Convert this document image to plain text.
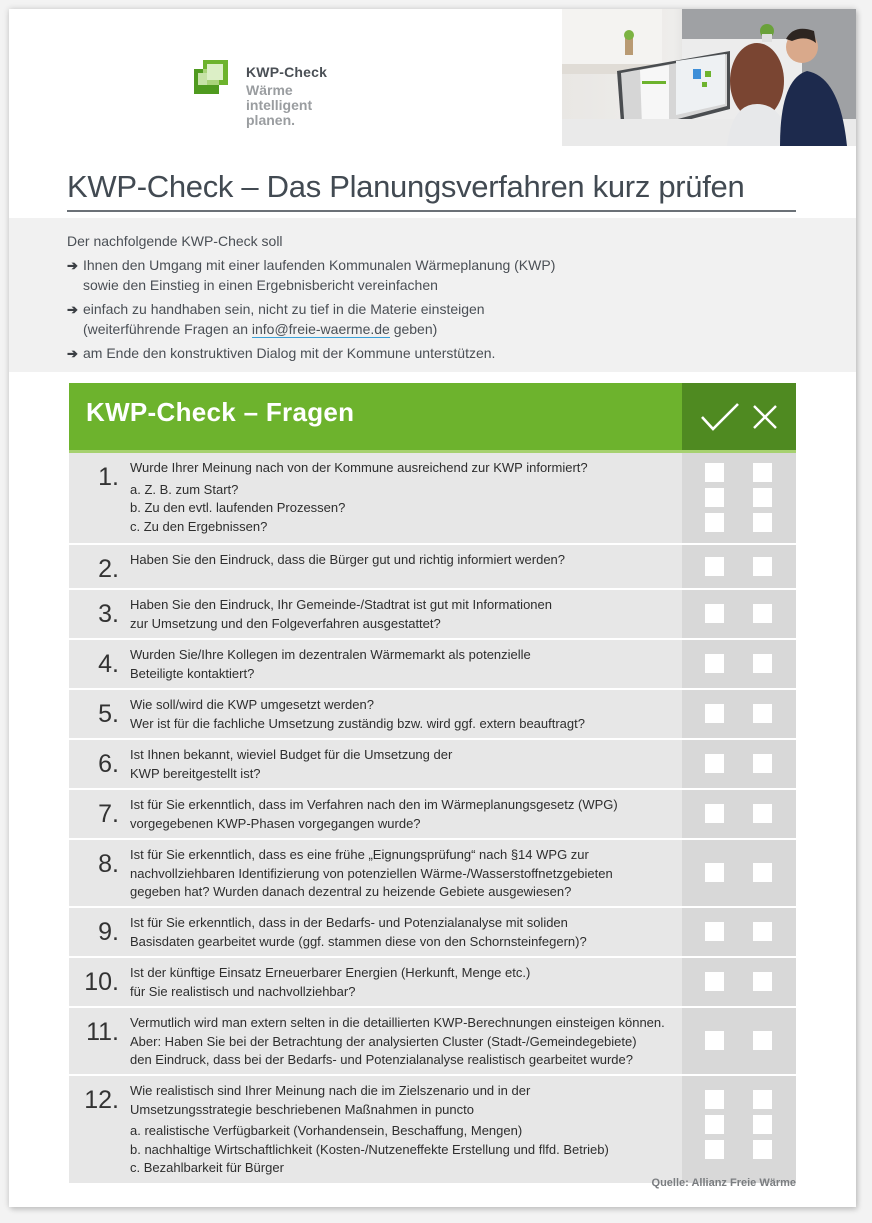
KWP-Check
Wärme
intelligent
planen.
KWP-Check – Das Planungsverfahren kurz prüfen
Der nachfolgende KWP-Check soll
➔ Ihnen den Umgang mit einer laufenden Kommunalen Wärmeplanung (KWP)
sowie den Einstieg in einen Ergebnisbericht vereinfachen
➔ einfach zu handhaben sein, nicht zu tief in die Materie einsteigen
(weiterführende Fragen an info@freie-waerme.de geben)
➔ am Ende den konstruktiven Dialog mit der Kommune unterstützen.
KWP-Check – Fragen
1. Wurde Ihrer Meinung nach von der Kommune ausreichend zur KWP informiert?
a. Z. B. zum Start?
b. Zu den evtl. laufenden Prozessen?
c. Zu den Ergebnissen?
2. Haben Sie den Eindruck, dass die Bürger gut und richtig informiert werden?
3. Haben Sie den Eindruck, Ihr Gemeinde-/Stadtrat ist gut mit Informationen
zur Umsetzung und den Folgeverfahren ausgestattet?
4. Wurden Sie/Ihre Kollegen im dezentralen Wärmemarkt als potenzielle
Beteiligte kontaktiert?
5. Wie soll/wird die KWP umgesetzt werden?
Wer ist für die fachliche Umsetzung zuständig bzw. wird ggf. extern beauftragt?
6. Ist Ihnen bekannt, wieviel Budget für die Umsetzung der
KWP bereitgestellt ist?
7. Ist für Sie erkenntlich, dass im Verfahren nach den im Wärmeplanungsgesetz (WPG)
vorgegebenen KWP-Phasen vorgegangen wurde?
8. Ist für Sie erkenntlich, dass es eine frühe „Eignungsprüfung“ nach §14 WPG zur
nachvollziehbaren Identifizierung von potenziellen Wärme-/Wasserstoffnetzgebieten
gegeben hat? Wurden danach dezentral zu heizende Gebiete ausgewiesen?
9. Ist für Sie erkenntlich, dass in der Bedarfs- und Potenzialanalyse mit soliden
Basisdaten gearbeitet wurde (ggf. stammen diese von den Schornsteinfegern)?
10. Ist der künftige Einsatz Erneuerbarer Energien (Herkunft, Menge etc.)
für Sie realistisch und nachvollziehbar?
11. Vermutlich wird man extern selten in die detaillierten KWP-Berechnungen einsteigen können.
Aber: Haben Sie bei der Betrachtung der analysierten Cluster (Stadt-/Gemeindegebiete)
den Eindruck, dass bei der Bedarfs- und Potenzialanalyse realistisch gearbeitet wurde?
12. Wie realistisch sind Ihrer Meinung nach die im Zielszenario und in der
Umsetzungsstrategie beschriebenen Maßnahmen in puncto
a. realistische Verfügbarkeit (Vorhandensein, Beschaffung, Mengen)
b. nachhaltige Wirtschaftlichkeit (Kosten-/Nutzeneffekte Erstellung und flfd. Betrieb)
c. Bezahlbarkeit für Bürger
Quelle: Allianz Freie Wärme
